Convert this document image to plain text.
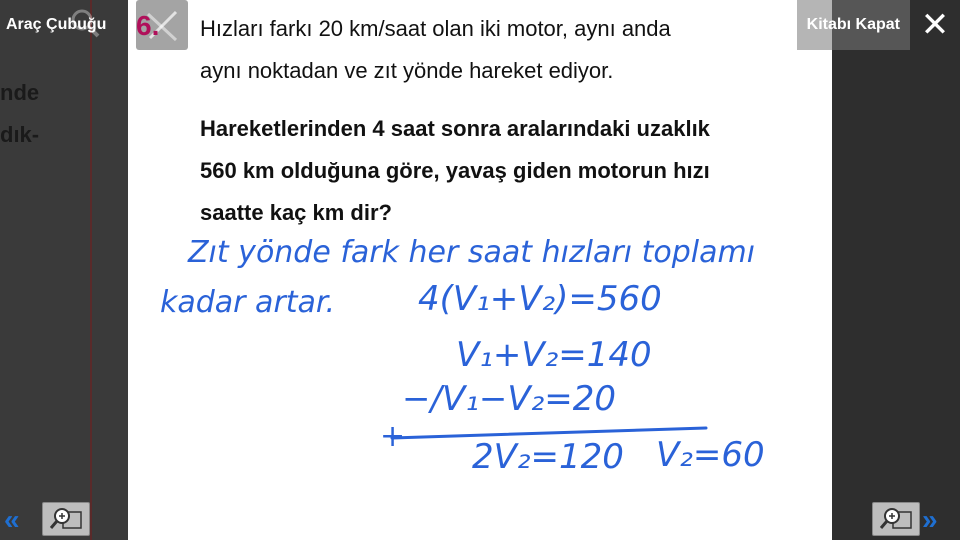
nde
dık-
6. Hızları farkı 20 km/saat olan iki motor, aynı anda
aynı noktadan ve zıt yönde hareket ediyor.
Hareketlerinden 4 saat sonra aralarındaki uzaklık
560 km olduğuna göre, yavaş giden motorun hızı
saatte kaç km dir?
Zıt yönde fark her saat hızları toplamı
kadar artar. 4(V₁+V₂)=560
V₁+V₂=140
−/V₁−V₂=20
+
2V₂=120 V₂=60
Araç Çubuğu	Kitabı Kapat ✕
«	»
